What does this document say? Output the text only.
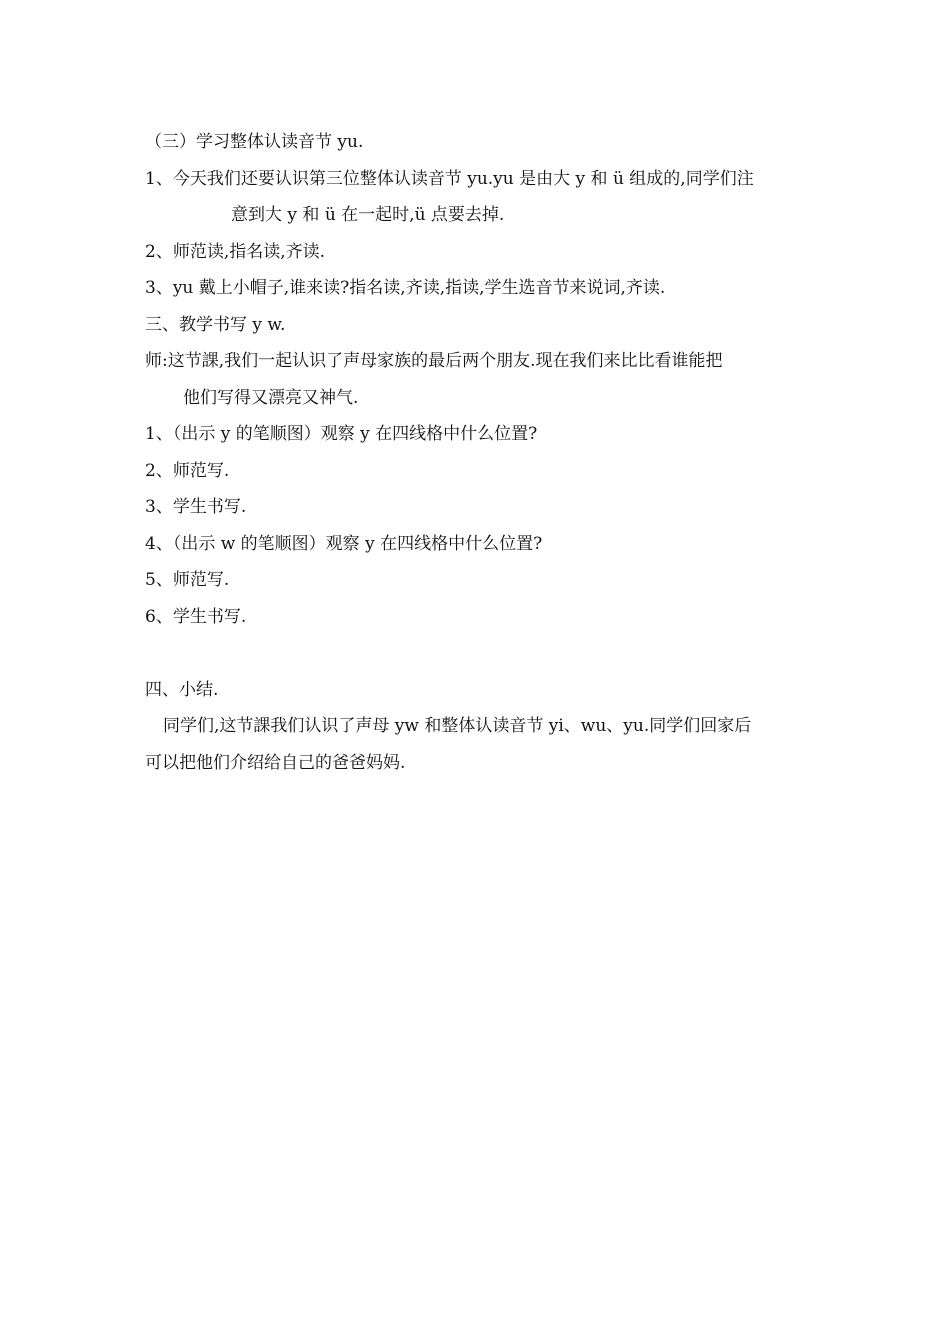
（三）学习整体认读音节 yu.
1、今天我们还要认识第三位整体认读音节 yu.yu 是由大 y 和 ü 组成的,同学们注
意到大 y 和 ü 在一起时,ü 点要去掉.
2、师范读,指名读,齐读.
3、yu 戴上小帽子,谁来读?指名读,齐读,指读,学生选音节来说词,齐读.
三、教学书写 y w.
师:这节課,我们一起认识了声母家族的最后两个朋友.现在我们来比比看谁能把
他们写得又漂亮又神气.
1、（出示 y 的笔顺图）观察 y 在四线格中什么位置?
2、师范写.
3、学生书写.
4、（出示 w 的笔顺图）观察 y 在四线格中什么位置?
5、师范写.
6、学生书写.
四、小结.
同学们,这节課我们认识了声母 yw 和整体认读音节 yi、wu、yu.同学们回家后
可以把他们介绍给自己的爸爸妈妈.
